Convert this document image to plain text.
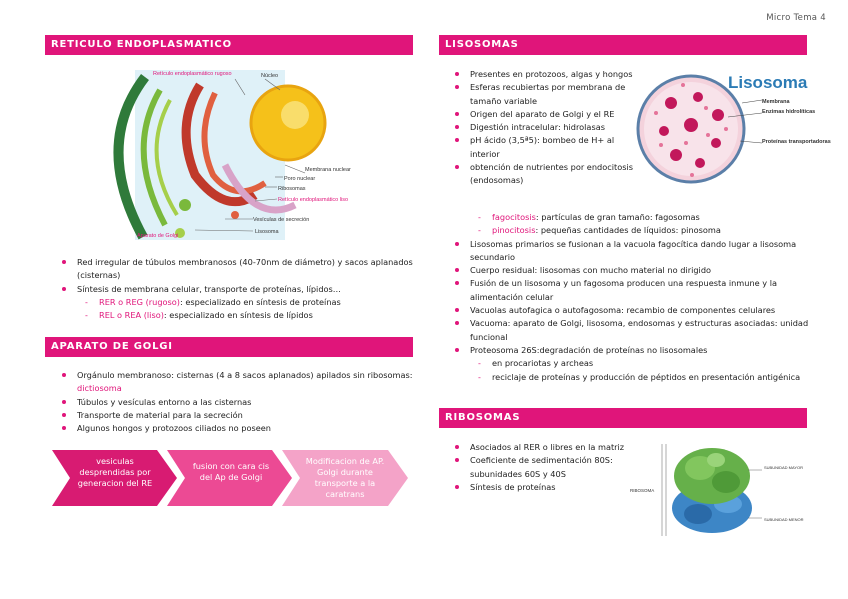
Micro Tema 4
RETICULO ENDOPLASMATICO
Retículo endoplasmático rugoso	Núcleo
Membrana nuclear
Poro nuclear
Ribosomas
Retículo endoplasmático liso
Vesículas de secreción
Lisosoma
Aparato de Golgi
Red irregular de túbulos membranosos (40-70nm de diámetro) y sacos aplanados (cisternas)
Síntesis de membrana celular, transporte de proteínas, lípidos…
- RER o REG (rugoso): especializado en síntesis de proteínas
- REL o REA (liso): especializado en síntesis de lípidos
APARATO DE GOLGI
Orgánulo membranoso: cisternas (4 a 8 sacos aplanados) apilados sin ribosomas: dictiosoma
Túbulos y vesículas entorno a las cisternas
Transporte de material para la secreción
Algunos hongos y protozoos ciliados no poseen
vesiculas desprendidas por generacion del RE
fusion con cara cis del Ap de Golgi
Modificacion de AP. Golgi durante transporte a la caratrans
LISOSOMAS
Lisosoma
Membrana
Enzimas hidrolíticas
Proteínas transportadoras
Presentes en protozoos, algas y hongos
Esferas recubiertas por membrana de tamaño variable
Origen del aparato de Golgi y el RE
Digestión intracelular: hidrolasas
pH ácido (3,5ª5): bombeo de H+ al interior
obtención de nutrientes por endocitosis (endosomas)
- fagocitosis: partículas de gran tamaño: fagosomas
- pinocitosis: pequeñas cantidades de líquidos: pinosoma
Lisosomas primarios se fusionan a la vacuola fagocítica dando lugar a lisosoma secundario
Cuerpo residual: lisosomas con mucho material no dirigido
Fusión de un lisosoma y un fagosoma producen una respuesta inmune y la alimentación celular
Vacuolas autofagica o autofagosoma: recambio de componentes celulares
Vacuoma: aparato de Golgi, lisosoma, endosomas y estructuras asociadas: unidad funcional
Proteosoma 26S:degradación de proteínas no lisosomales
- en procariotas y archeas
- reciclaje de proteínas y producción de péptidos en presentación antigénica
RIBOSOMAS
Asociados al RER o libres en la matriz
Coeficiente de sedimentación 80S: subunidades 60S y 40S
Síntesis de proteínas	RIBOSOMA
SUBUNIDAD MAYOR
SUBUNIDAD MENOR
